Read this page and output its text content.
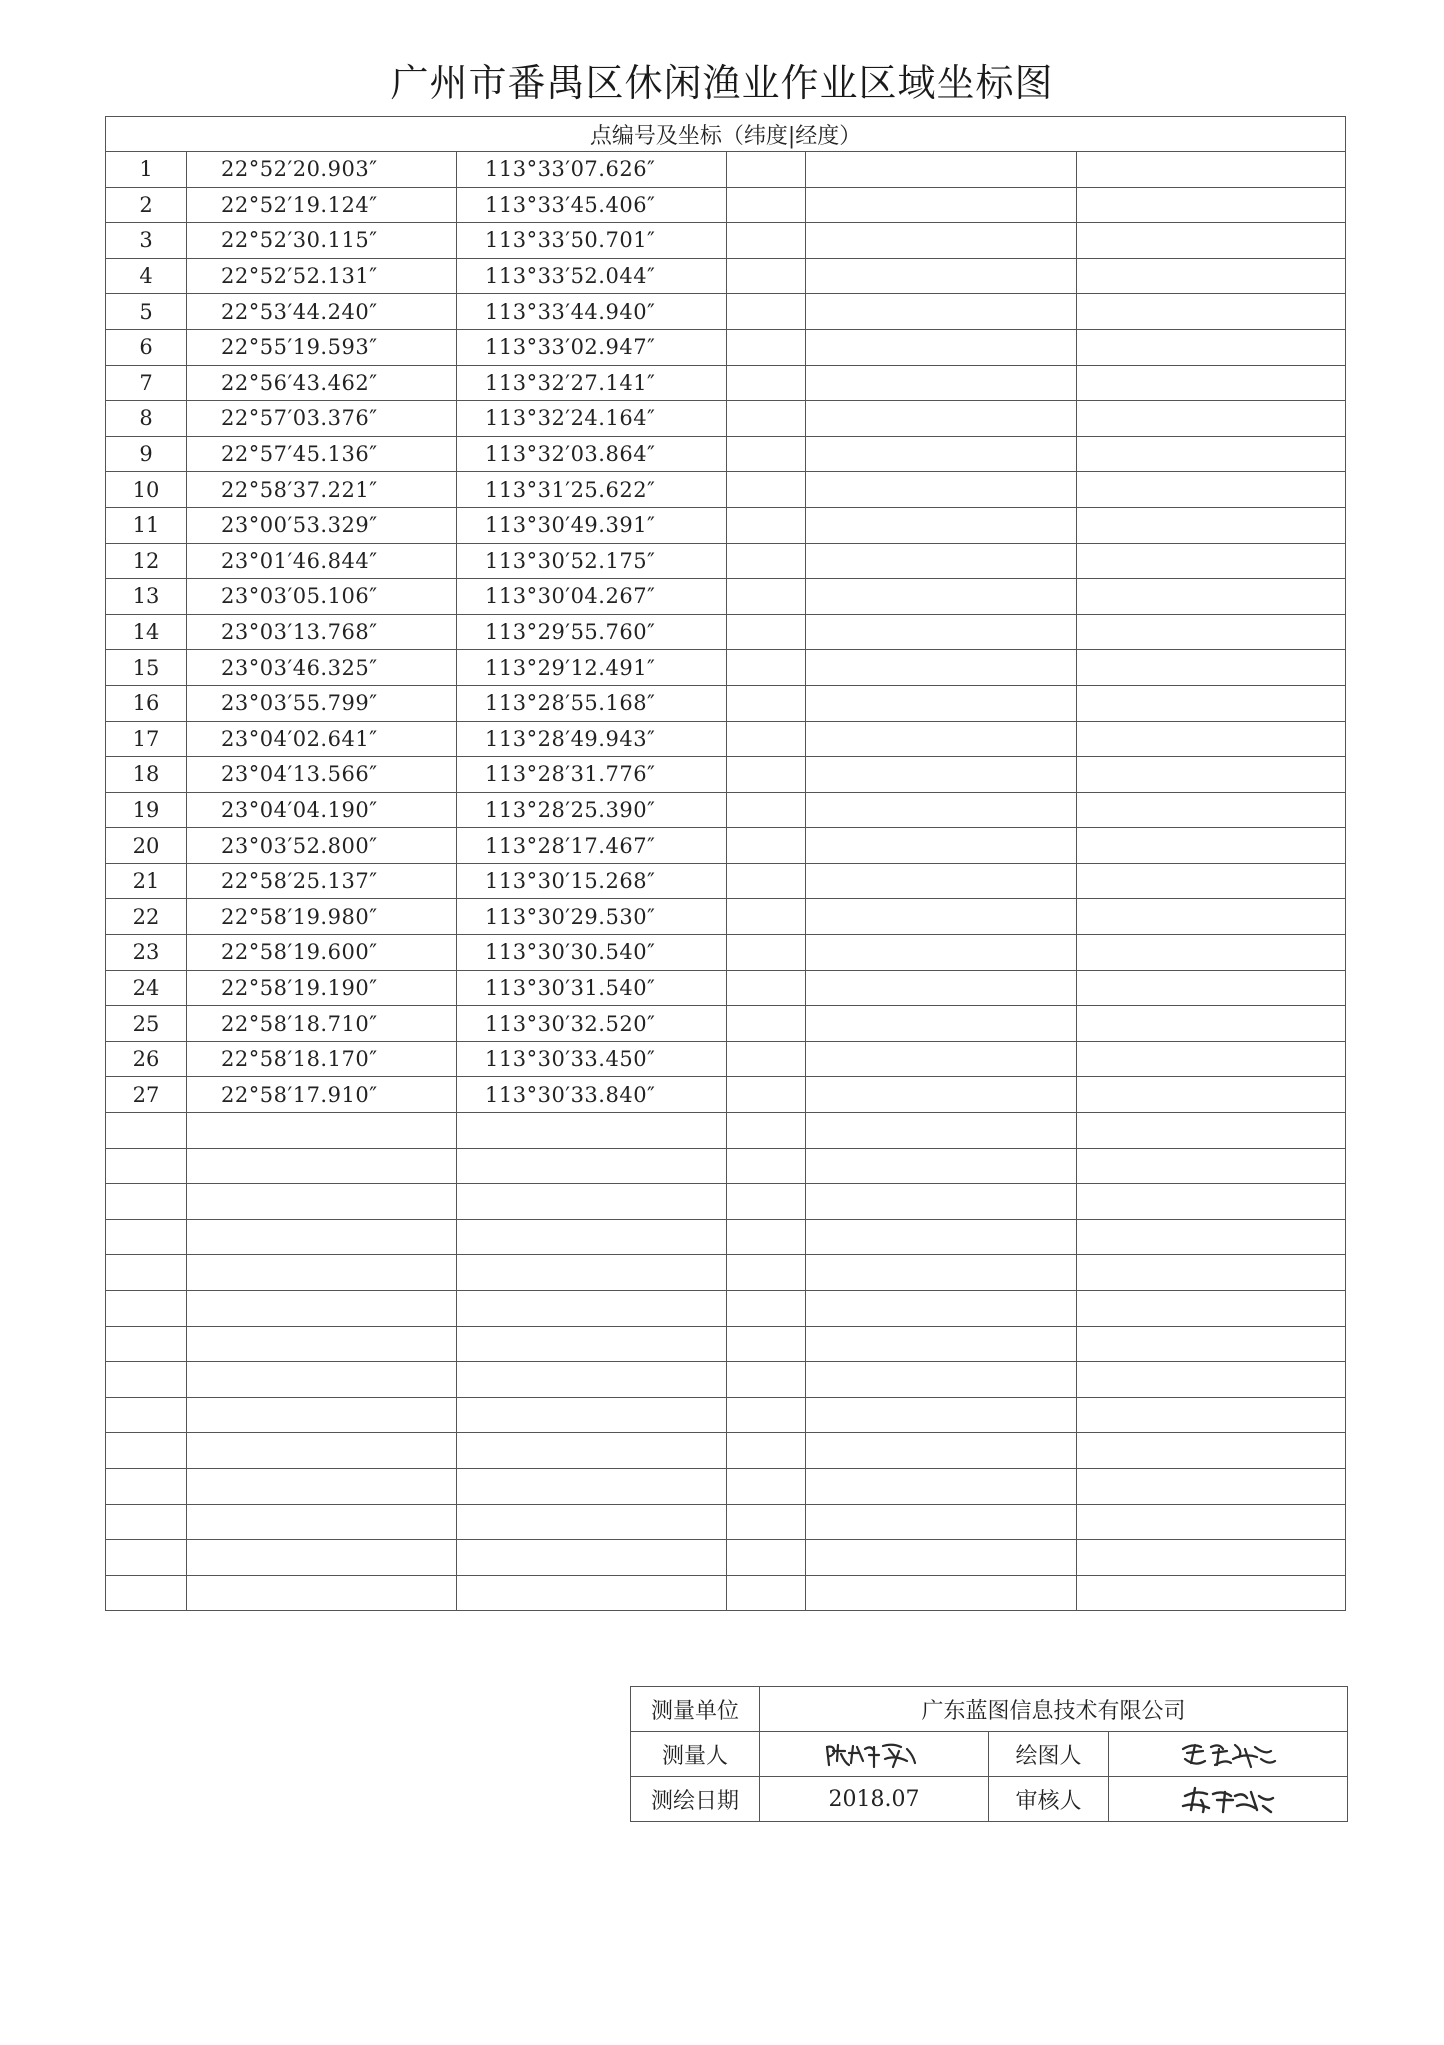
广州市番禺区休闲渔业作业区域坐标图
点编号及坐标（纬度|经度）					
1	22°52′20.903″	113°33′07.626″			
2	22°52′19.124″	113°33′45.406″			
3	22°52′30.115″	113°33′50.701″			
4	22°52′52.131″	113°33′52.044″			
5	22°53′44.240″	113°33′44.940″			
6	22°55′19.593″	113°33′02.947″			
7	22°56′43.462″	113°32′27.141″			
8	22°57′03.376″	113°32′24.164″			
9	22°57′45.136″	113°32′03.864″			
10	22°58′37.221″	113°31′25.622″			
11	23°00′53.329″	113°30′49.391″			
12	23°01′46.844″	113°30′52.175″			
13	23°03′05.106″	113°30′04.267″			
14	23°03′13.768″	113°29′55.760″			
15	23°03′46.325″	113°29′12.491″			
16	23°03′55.799″	113°28′55.168″			
17	23°04′02.641″	113°28′49.943″			
18	23°04′13.566″	113°28′31.776″			
19	23°04′04.190″	113°28′25.390″			
20	23°03′52.800″	113°28′17.467″			
21	22°58′25.137″	113°30′15.268″			
22	22°58′19.980″	113°30′29.530″			
23	22°58′19.600″	113°30′30.540″			
24	22°58′19.190″	113°30′31.540″			
25	22°58′18.710″	113°30′32.520″			
26	22°58′18.170″	113°30′33.450″			
27	22°58′17.910″	113°30′33.840″			

测量单位	广东蓝图信息技术有限公司		
测量人		绘图人	
测绘日期	2018.07	审核人	
